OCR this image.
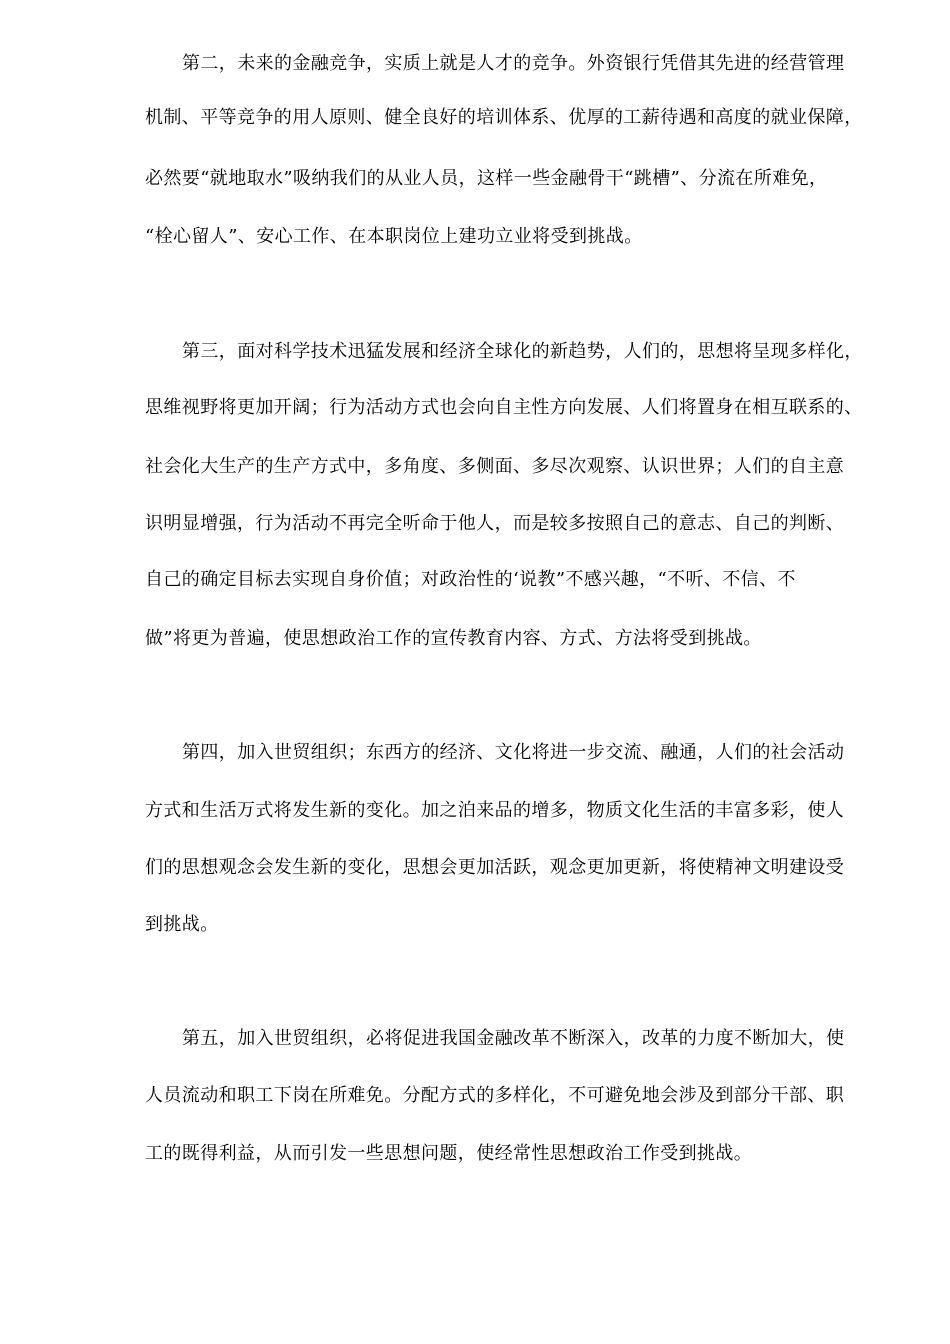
第二，未来的金融竞争，实质上就是人才的竞争。外资银行凭借其先进的经营管理
机制、平等竞争的用人原则、健全良好的培训体系、优厚的工薪待遇和高度的就业保障，
必然要“就地取水”吸纳我们的从业人员，这样一些金融骨干“跳槽”、分流在所难免，
“栓心留人”、安心工作、在本职岗位上建功立业将受到挑战。
第三，面对科学技术迅猛发展和经济全球化的新趋势，人们的，思想将呈现多样化，
思维视野将更加开阔；行为活动方式也会向自主性方向发展、人们将置身在相互联系的、
社会化大生产的生产方式中，多角度、多侧面、多尽次观察、认识世界；人们的自主意
识明显增强，行为活动不再完全听命于他人，而是较多按照自己的意志、自己的判断、
自己的确定目标去实现自身价值；对政治性的‘说教”不感兴趣，“不听、不信、不
做”将更为普遍，使思想政治工作的宣传教育内容、方式、方法将受到挑战。
第四，加入世贸组织；东西方的经济、文化将进一步交流、融通，人们的社会活动
方式和生活万式将发生新的变化。加之泊来品的增多，物质文化生活的丰富多彩，使人
们的思想观念会发生新的变化，思想会更加活跃，观念更加更新，将使精神文明建设受
到挑战。
第五，加入世贸组织，必将促进我国金融改革不断深入，改革的力度不断加大，使
人员流动和职工下岗在所难免。分配方式的多样化，不可避免地会涉及到部分干部、职
工的既得利益，从而引发一些思想问题，使经常性思想政治工作受到挑战。
